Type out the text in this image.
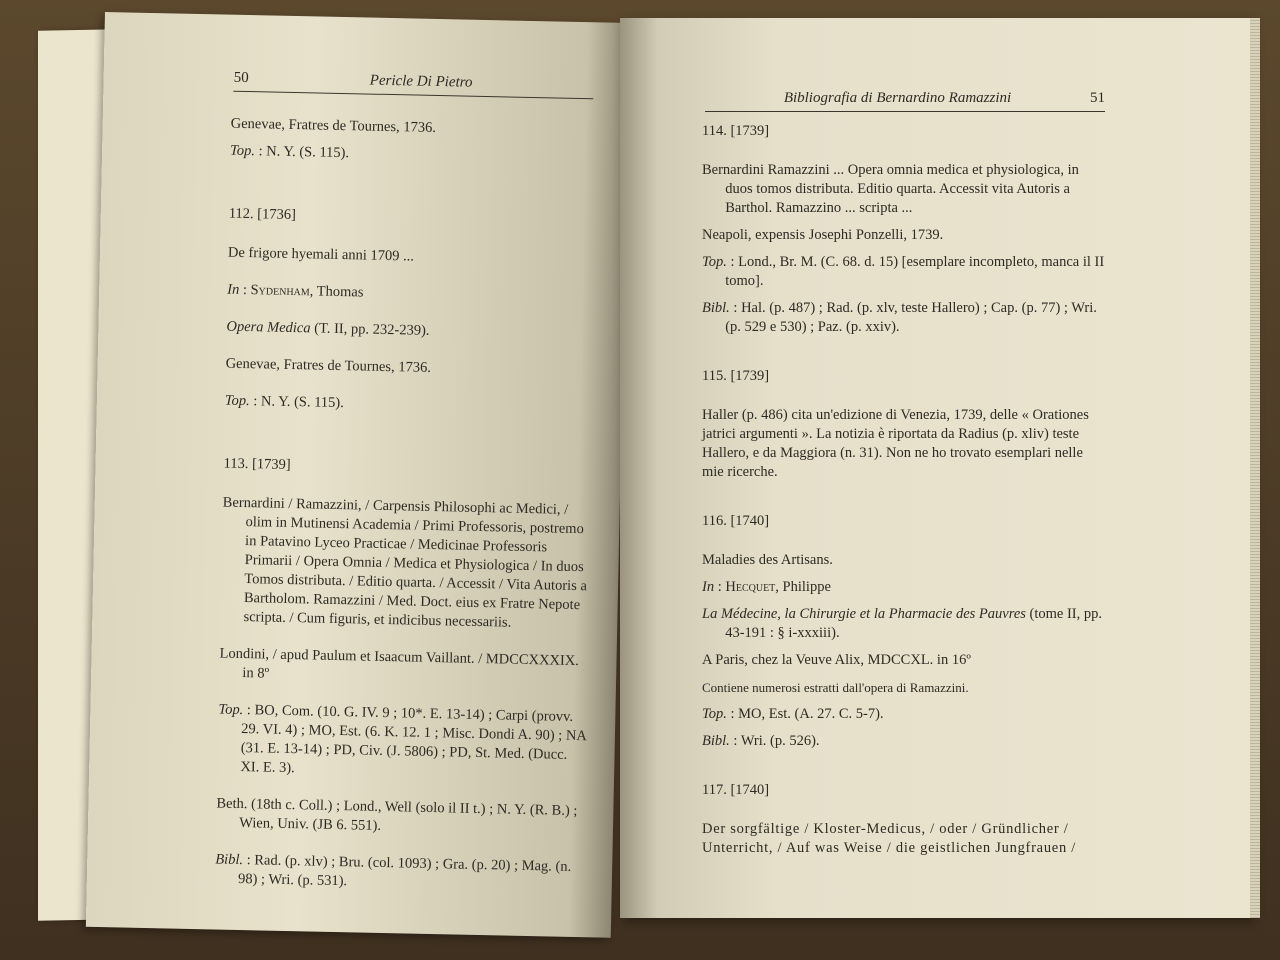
50	Pericle Di Pietro

Genevae, Fratres de Tournes, 1736.

Top. : N. Y. (S. 115).

112. [1736]

De frigore hyemali anni 1709 ...

In : Sydenham, Thomas

Opera Medica (T. II, pp. 232-239).

Genevae, Fratres de Tournes, 1736.

Top. : N. Y. (S. 115).

113. [1739]

Bernardini / Ramazzini, / Carpensis Philosophi ac Medici, / olim in Mutinensi Academia / Primi Professoris, postremo in Patavino Lyceo Practicae / Medicinae Professoris Primarii / Opera Omnia / Medica et Physiologica / In duos Tomos distributa. / Editio quarta. / Accessit / Vita Autoris a Bartholom. Ramazzini / Med. Doct. eius ex Fratre Nepote scripta. / Cum figuris, et indicibus necessariis.

Londini, / apud Paulum et Isaacum Vaillant. / MDCCXXXIX. in 8º

Top. : BO, Com. (10. G. IV. 9 ; 10*. E. 13-14) ; Carpi (provv. 29. VI. 4) ; MO, Est. (6. K. 12. 1 ; Misc. Dondi A. 90) ; NA (31. E. 13-14) ; PD, Civ. (J. 5806) ; PD, St. Med. (Ducc. XI. E. 3).

Beth. (18th c. Coll.) ; Lond., Well (solo il II t.) ; N. Y. (R. B.) ; Wien, Univ. (JB 6. 551).

Bibl. : Rad. (p. xlv) ; Bru. (col. 1093) ; Gra. (p. 20) ; Mag. (n. 98) ; Wri. (p. 531).

Bibliografia di Bernardino Ramazzini	51

114. [1739]

Bernardini Ramazzini ... Opera omnia medica et physiologica, in duos tomos distributa. Editio quarta. Accessit vita Autoris a Barthol. Ramazzino ... scripta ...

Neapoli, expensis Josephi Ponzelli, 1739.

Top. : Lond., Br. M. (C. 68. d. 15) [esemplare incompleto, manca il II tomo].

Bibl. : Hal. (p. 487) ; Rad. (p. xlv, teste Hallero) ; Cap. (p. 77) ; Wri. (p. 529 e 530) ; Paz. (p. xxiv).

115. [1739]

Haller (p. 486) cita un'edizione di Venezia, 1739, delle « Orationes jatrici argumenti ». La notizia è riportata da Radius (p. xliv) teste Hallero, e da Maggiora (n. 31). Non ne ho trovato esemplari nelle mie ricerche.

116. [1740]

Maladies des Artisans.

In : Hecquet, Philippe

La Médecine, la Chirurgie et la Pharmacie des Pauvres (tome II, pp. 43-191 : § i-xxxiii).

A Paris, chez la Veuve Alix, MDCCXL. in 16º

Contiene numerosi estratti dall'opera di Ramazzini.

Top. : MO, Est. (A. 27. C. 5-7).

Bibl. : Wri. (p. 526).

117. [1740]

Der sorgfältige / Kloster-Medicus, / oder / Gründlicher / Unterricht, / Auf was Weise / die geistlichen Jungfrauen /
